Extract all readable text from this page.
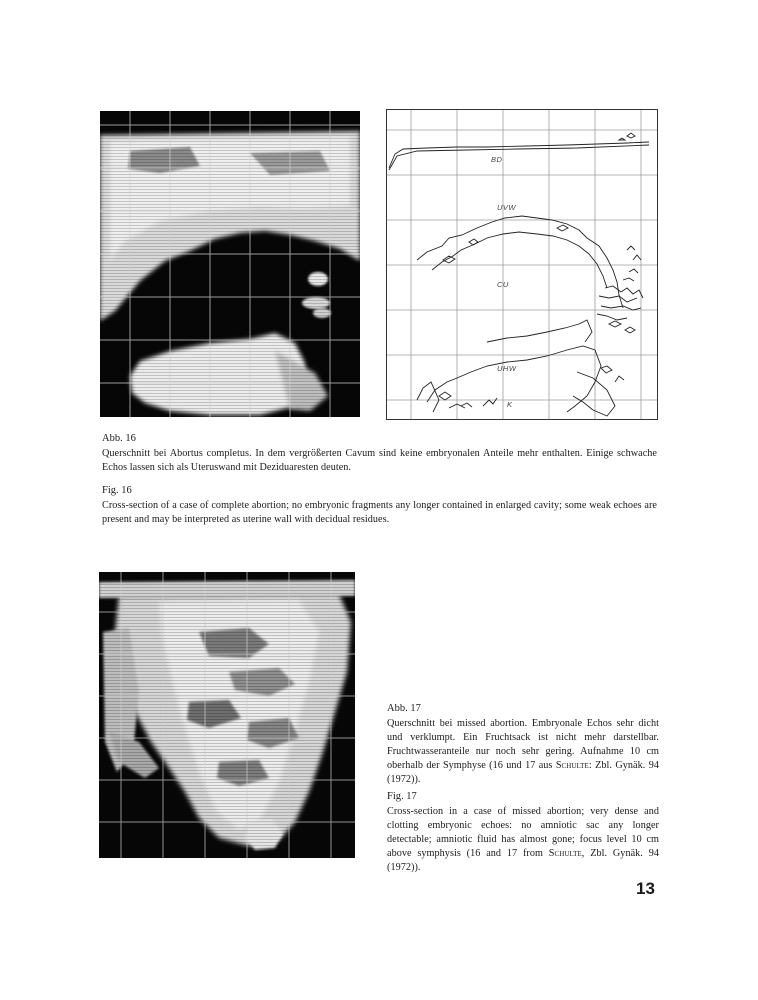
BD
UVW
CU
UHW
K
Abb. 16
Querschnitt bei Abortus completus. In dem vergrößerten Cavum sind keine embryonalen Anteile mehr enthalten. Einige schwache Echos lassen sich als Uteruswand mit Deziduaresten deuten.
Fig. 16
Cross-section of a case of complete abortion; no embryonic fragments any longer contained in enlarged cavity; some weak echoes are present and may be interpreted as uterine wall with decidual residues.
Abb. 17
Querschnitt bei missed abortion. Embryonale Echos sehr dicht und verklumpt. Ein Fruchtsack ist nicht mehr darstellbar. Fruchtwasseranteile nur noch sehr gering. Aufnahme 10 cm oberhalb der Symphyse (16 und 17 aus Schulte: Zbl. Gynäk. 94 (1972)).
Fig. 17
Cross-section in a case of missed abortion; very dense and clotting embryonic echoes: no amniotic sac any longer detectable; amniotic fluid has almost gone; focus level 10 cm above symphysis (16 and 17 from Schulte, Zbl. Gynäk. 94 (1972)).
13
